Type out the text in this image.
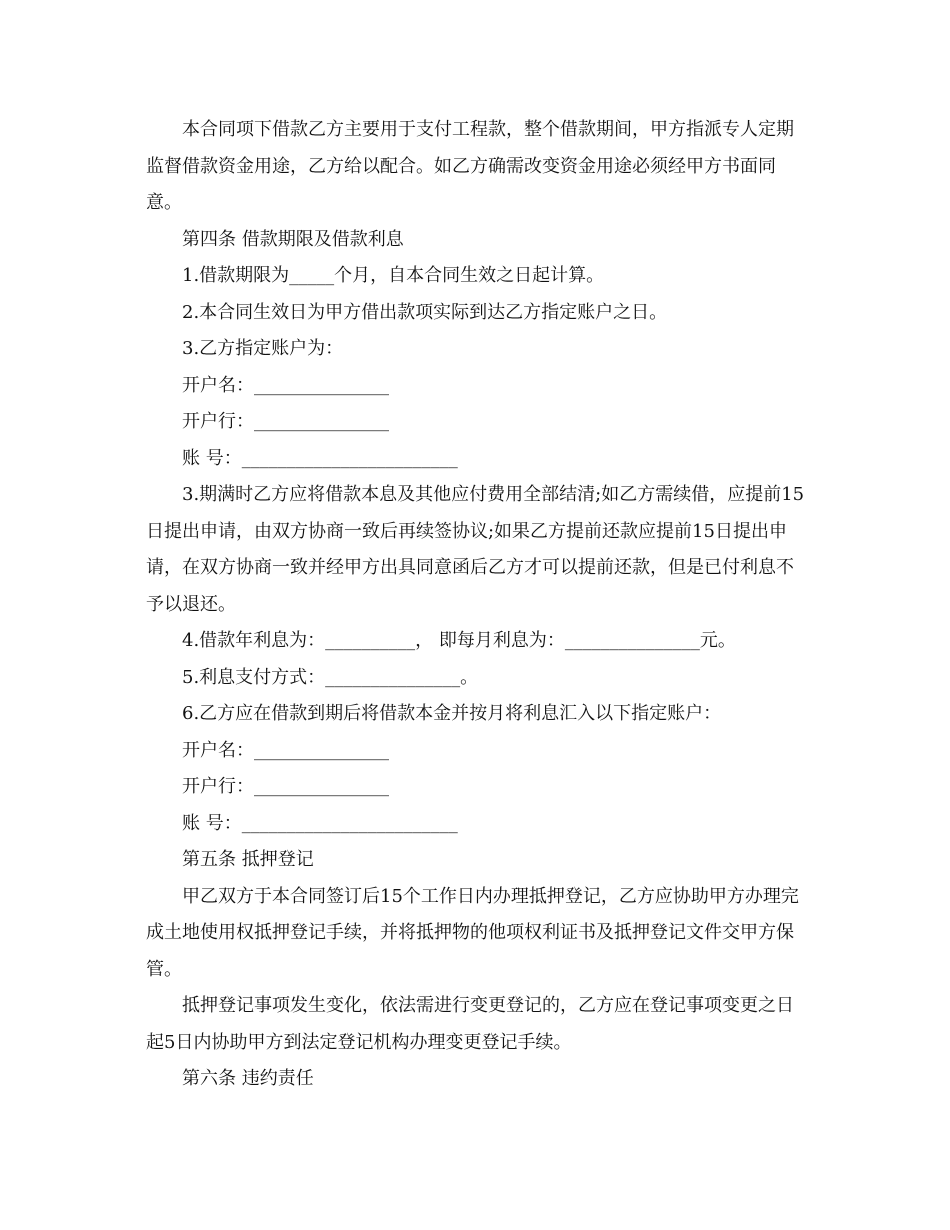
本合同项下借款乙方主要用于支付工程款，整个借款期间，甲方指派专人定期监督借款资金用途，乙方给以配合。如乙方确需改变资金用途必须经甲方书面同意。

第四条 借款期限及借款利息

1.借款期限为_____个月，自本合同生效之日起计算。

2.本合同生效日为甲方借出款项实际到达乙方指定账户之日。

3.乙方指定账户为：

开户名：_______________

开户行：_______________

账 号：________________________

3.期满时乙方应将借款本息及其他应付费用全部结清;如乙方需续借，应提前15日提出申请，由双方协商一致后再续签协议;如果乙方提前还款应提前15日提出申请，在双方协商一致并经甲方出具同意函后乙方才可以提前还款，但是已付利息不予以退还。

4.借款年利息为：__________， 即每月利息为：_______________元。

5.利息支付方式：_______________。

6.乙方应在借款到期后将借款本金并按月将利息汇入以下指定账户：

开户名：_______________

开户行：_______________

账 号：________________________

第五条 抵押登记

甲乙双方于本合同签订后15个工作日内办理抵押登记，乙方应协助甲方办理完成土地使用权抵押登记手续，并将抵押物的他项权利证书及抵押登记文件交甲方保管。

抵押登记事项发生变化，依法需进行变更登记的，乙方应在登记事项变更之日起5日内协助甲方到法定登记机构办理变更登记手续。

第六条 违约责任
